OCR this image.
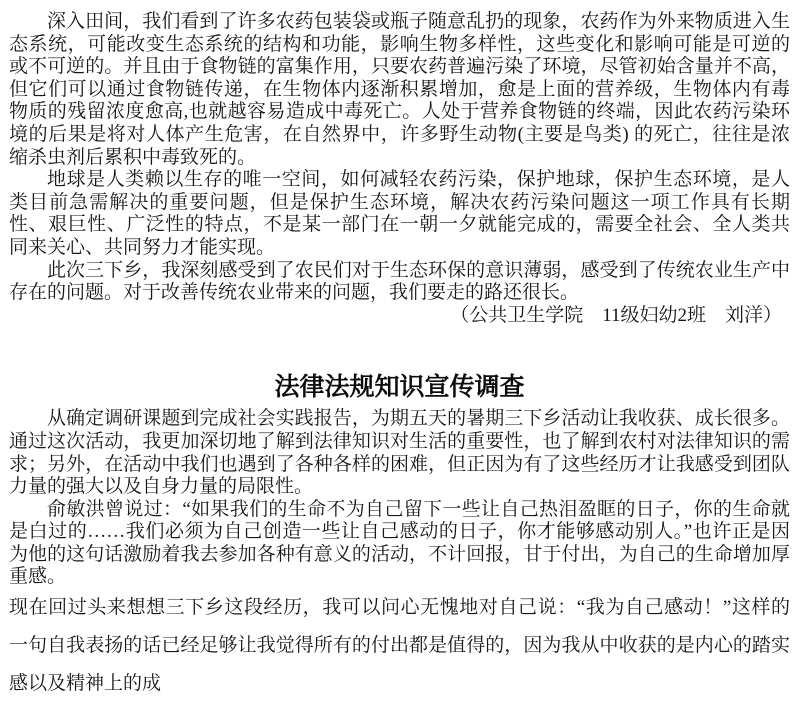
深入田间，我们看到了许多农药包装袋或瓶子随意乱扔的现象，农药作为外来物质进入生
态系统，可能改变生态系统的结构和功能，影响生物多样性，这些变化和影响可能是可逆的
或不可逆的。并且由于食物链的富集作用，只要农药普遍污染了环境，尽管初始含量并不高，
但它们可以通过食物链传递，在生物体内逐渐积累增加，愈是上面的营养级，生物体内有毒
物质的残留浓度愈高,也就越容易造成中毒死亡。人处于营养食物链的终端，因此农药污染环
境的后果是将对人体产生危害，在自然界中，许多野生动物(主要是鸟类) 的死亡，往往是浓
缩杀虫剂后累积中毒致死的。
地球是人类赖以生存的唯一空间，如何减轻农药污染，保护地球，保护生态环境，是人
类目前急需解决的重要问题，但是保护生态环境，解决农药污染问题这一项工作具有长期
性、艰巨性、广泛性的特点，不是某一部门在一朝一夕就能完成的，需要全社会、全人类共
同来关心、共同努力才能实现。
此次三下乡，我深刻感受到了农民们对于生态环保的意识薄弱，感受到了传统农业生产中
存在的问题。对于改善传统农业带来的问题，我们要走的路还很长。
（公共卫生学院　11级妇幼2班　刘洋）
法律法规知识宣传调查
从确定调研课题到完成社会实践报告，为期五天的暑期三下乡活动让我收获、成长很多。
通过这次活动，我更加深切地了解到法律知识对生活的重要性，也了解到农村对法律知识的需
求；另外，在活动中我们也遇到了各种各样的困难，但正因为有了这些经历才让我感受到团队
力量的强大以及自身力量的局限性。
俞敏洪曾说过：“如果我们的生命不为自己留下一些让自己热泪盈眶的日子，你的生命就
是白过的……我们必须为自己创造一些让自己感动的日子，你才能够感动别人。”也许正是因
为他的这句话激励着我去参加各种有意义的活动，不计回报，甘于付出，为自己的生命增加厚
重感。
现在回过头来想想三下乡这段经历，我可以问心无愧地对自己说：“我为自己感动！”这样的
一句自我表扬的话已经足够让我觉得所有的付出都是值得的，因为我从中收获的是内心的踏实
感以及精神上的成
